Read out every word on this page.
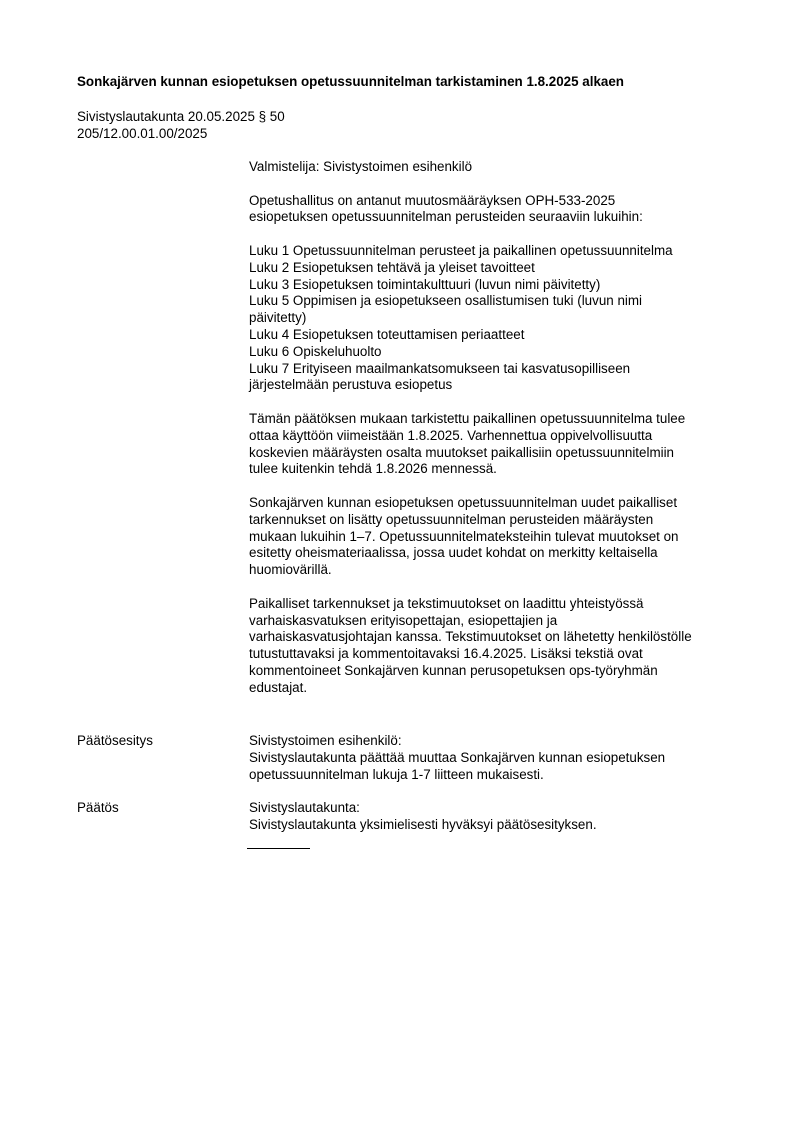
Sonkajärven kunnan esiopetuksen opetussuunnitelman tarkistaminen 1.8.2025 alkaen
Sivistyslautakunta 20.05.2025 § 50
205/12.00.01.00/2025

Valmistelija: Sivistystoimen esihenkilö

Opetushallitus on antanut muutosmääräyksen OPH-533-2025
esiopetuksen opetussuunnitelman perusteiden seuraaviin lukuihin:

Luku 1 Opetussuunnitelman perusteet ja paikallinen opetussuunnitelma
Luku 2 Esiopetuksen tehtävä ja yleiset tavoitteet
Luku 3 Esiopetuksen toimintakulttuuri (luvun nimi päivitetty)
Luku 5 Oppimisen ja esiopetukseen osallistumisen tuki (luvun nimi
päivitetty)
Luku 4 Esiopetuksen toteuttamisen periaatteet
Luku 6 Opiskeluhuolto
Luku 7 Erityiseen maailmankatsomukseen tai kasvatusopilliseen
järjestelmään perustuva esiopetus

Tämän päätöksen mukaan tarkistettu paikallinen opetussuunnitelma tulee
ottaa käyttöön viimeistään 1.8.2025. Varhennettua oppivelvollisuutta
koskevien määräysten osalta muutokset paikallisiin opetussuunnitelmiin
tulee kuitenkin tehdä 1.8.2026 mennessä.

Sonkajärven kunnan esiopetuksen opetussuunnitelman uudet paikalliset
tarkennukset on lisätty opetussuunnitelman perusteiden määräysten
mukaan lukuihin 1–7. Opetussuunnitelmateksteihin tulevat muutokset on
esitetty oheismateriaalissa, jossa uudet kohdat on merkitty keltaisella
huomiovärillä.

Paikalliset tarkennukset ja tekstimuutokset on laadittu yhteistyössä
varhaiskasvatuksen erityisopettajan, esiopettajien ja
varhaiskasvatusjohtajan kanssa. Tekstimuutokset on lähetetty henkilöstölle
tutustuttavaksi ja kommentoitavaksi 16.4.2025. Lisäksi tekstiä ovat
kommentoineet Sonkajärven kunnan perusopetuksen ops-työryhmän
edustajat.

Päätösesitys	Sivistystoimen esihenkilö:
Sivistyslautakunta päättää muuttaa Sonkajärven kunnan esiopetuksen
opetussuunnitelman lukuja 1-7 liitteen mukaisesti.
Päätös	Sivistyslautakunta:
Sivistyslautakunta yksimielisesti hyväksyi päätösesityksen.
